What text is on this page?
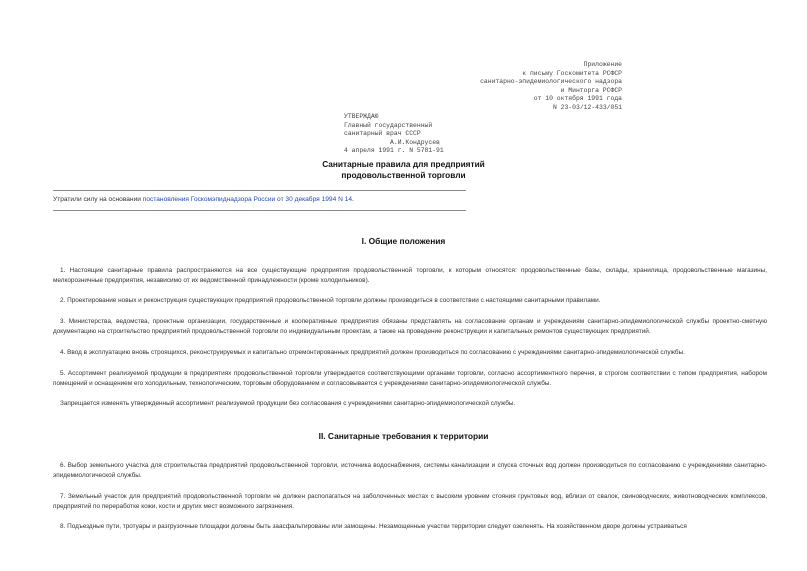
Приложение
к письму Госкомитета РСФСР
санитарно-эпидемиологического надзора
и Минторга РСФСР
от 10 октября 1991 года
N 23-03/12-433/051
УТВЕРЖДАЮ
Главный государственный
санитарный врач СССР
А.И.Кондрусев
4 апреля 1991 г. N 5781-91
Санитарные правила для предприятий
продовольственной торговли
Утратили силу на основании постановления Госкомэпиднадзора России от 30 декабря 1994 N 14.
I. Общие положения
1. Настоящие санитарные правила распространяются на все существующие предприятия продовольственной торговли, к которым относятся: продовольственные базы, склады, хранилища, продовольственные магазины, мелкорозничные предприятия, независимо от их ведомственной принадлежности (кроме холодильников).
2. Проектирование новых и реконструкция существующих предприятий продовольственной торговли должны производиться в соответствии с настоящими санитарными правилами.
3. Министерства, ведомства, проектные организации, государственные и кооперативные предприятия обязаны представлять на согласование органам и учреждениям санитарно-эпидемиологической службы проектно-сметную документацию на строительство предприятий продовольственной торговли по индивидуальным проектам, а также на проведение реконструкции и капитальных ремонтов существующих предприятий.
4. Ввод в эксплуатацию вновь строящихся, реконструируемых и капитально отремонтированных предприятий должен производиться по согласованию с учреждениями санитарно-эпидемиологической службы.
5. Ассортимент реализуемой продукции в предприятиях продовольственной торговли утверждается соответствующими органами торговли, согласно ассортиментного перечня, в строгом соответствии с типом предприятия, набором помещений и оснащением его холодильным, технологическим, торговым оборудованием и согласовывается с учреждениями санитарно-эпидемиологической службы.
Запрещается изменять утвержденный ассортимент реализуемой продукции без согласования с учреждениями санитарно-эпидемиологической службы.
II. Санитарные требования к территории
6. Выбор земельного участка для строительства предприятий продовольственной торговли, источника водоснабжения, системы канализации и спуска сточных вод должен производиться по согласованию с учреждениями санитарно-эпидемиологической службы.
7. Земельный участок для предприятий продовольственной торговли не должен располагаться на заболоченных местах с высоким уровнем стояния грунтовых вод, вблизи от свалок, свиноводческих, животноводческих комплексов, предприятий по переработке кожи, кости и других мест возможного загрязнения.
8. Подъездные пути, тротуары и разгрузочные площадки должны быть заасфальтированы или замощены. Незамощенные участки территории следует озеленять. На хозяйственном дворе должны устраиваться
